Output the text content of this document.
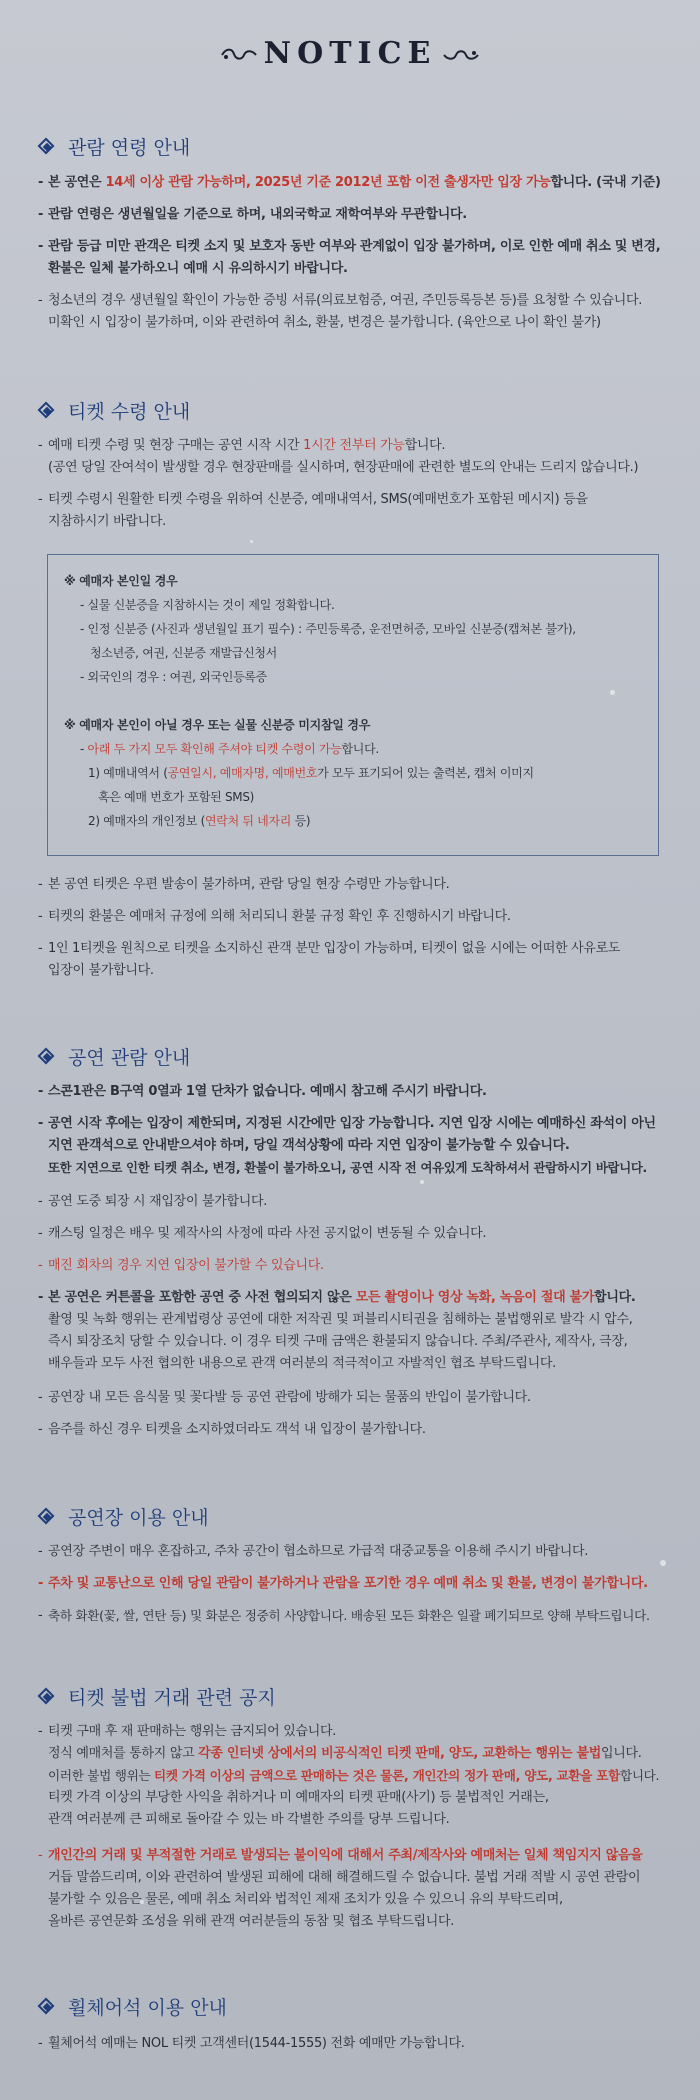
NOTICE
관람 연령 안내
- 본 공연은 14세 이상 관람 가능하며, 2025년 기준 2012년 포함 이전 출생자만 입장 가능합니다. (국내 기준)
- 관람 연령은 생년월일을 기준으로 하며, 내외국학교 재학여부와 무관합니다.
- 관람 등급 미만 관객은 티켓 소지 및 보호자 동반 여부와 관계없이 입장 불가하며, 이로 인한 예매 취소 및 변경,
환불은 일체 불가하오니 예매 시 유의하시기 바랍니다.
- 청소년의 경우 생년월일 확인이 가능한 증빙 서류(의료보험증, 여권, 주민등록등본 등)를 요청할 수 있습니다.
미확인 시 입장이 불가하며, 이와 관련하여 취소, 환불, 변경은 불가합니다. (육안으로 나이 확인 불가)
티켓 수령 안내
- 예매 티켓 수령 및 현장 구매는 공연 시작 시간 1시간 전부터 가능합니다.
(공연 당일 잔여석이 발생할 경우 현장판매를 실시하며, 현장판매에 관련한 별도의 안내는 드리지 않습니다.)
- 티켓 수령시 원활한 티켓 수령을 위하여 신분증, 예매내역서, SMS(예매번호가 포함된 메시지) 등을
지참하시기 바랍니다.
※ 예매자 본인일 경우
- 실물 신분증을 지참하시는 것이 제일 정확합니다.
- 인정 신분증 (사진과 생년월일 표기 필수) : 주민등록증, 운전면허증, 모바일 신분증(캡쳐본 불가),
청소년증, 여권, 신분증 재발급신청서
- 외국인의 경우 : 여권, 외국인등록증
※ 예매자 본인이 아닐 경우 또는 실물 신분증 미지참일 경우
- 아래 두 가지 모두 확인해 주셔야 티켓 수령이 가능합니다.
1) 예매내역서 (공연일시, 예매자명, 예매번호가 모두 표기되어 있는 출력본, 캡처 이미지
혹은 예매 번호가 포함된 SMS)
2) 예매자의 개인정보 (연락처 뒤 네자리 등)
- 본 공연 티켓은 우편 발송이 불가하며, 관람 당일 현장 수령만 가능합니다.
- 티켓의 환불은 예매처 규정에 의해 처리되니 환불 규정 확인 후 진행하시기 바랍니다.
- 1인 1티켓을 원칙으로 티켓을 소지하신 관객 분만 입장이 가능하며, 티켓이 없을 시에는 어떠한 사유로도
입장이 불가합니다.
공연 관람 안내
- 스콘1관은 B구역 0열과 1열 단차가 없습니다. 예매시 참고해 주시기 바랍니다.
- 공연 시작 후에는 입장이 제한되며, 지정된 시간에만 입장 가능합니다. 지연 입장 시에는 예매하신 좌석이 아닌
지연 관객석으로 안내받으셔야 하며, 당일 객석상황에 따라 지연 입장이 불가능할 수 있습니다.
또한 지연으로 인한 티켓 취소, 변경, 환불이 불가하오니, 공연 시작 전 여유있게 도착하셔서 관람하시기 바랍니다.
- 공연 도중 퇴장 시 재입장이 불가합니다.
- 캐스팅 일정은 배우 및 제작사의 사정에 따라 사전 공지없이 변동될 수 있습니다.
- 매진 회차의 경우 지연 입장이 불가할 수 있습니다.
- 본 공연은 커튼콜을 포함한 공연 중 사전 협의되지 않은 모든 촬영이나 영상 녹화, 녹음이 절대 불가합니다.
촬영 및 녹화 행위는 관계법령상 공연에 대한 저작권 및 퍼블리시티권을 침해하는 불법행위로 발각 시 압수,
즉시 퇴장조치 당할 수 있습니다. 이 경우 티켓 구매 금액은 환불되지 않습니다. 주최/주관사, 제작사, 극장,
배우들과 모두 사전 협의한 내용으로 관객 여러분의 적극적이고 자발적인 협조 부탁드립니다.
- 공연장 내 모든 음식물 및 꽃다발 등 공연 관람에 방해가 되는 물품의 반입이 불가합니다.
- 음주를 하신 경우 티켓을 소지하였더라도 객석 내 입장이 불가합니다.
공연장 이용 안내
- 공연장 주변이 매우 혼잡하고, 주차 공간이 협소하므로 가급적 대중교통을 이용해 주시기 바랍니다.
- 주차 및 교통난으로 인해 당일 관람이 불가하거나 관람을 포기한 경우 예매 취소 및 환불, 변경이 불가합니다.
- 축하 화환(꽃, 쌀, 연탄 등) 및 화분은 정중히 사양합니다. 배송된 모든 화환은 일괄 폐기되므로 양해 부탁드립니다.
티켓 불법 거래 관련 공지
- 티켓 구매 후 재 판매하는 행위는 금지되어 있습니다.
정식 예매처를 통하지 않고 각종 인터넷 상에서의 비공식적인 티켓 판매, 양도, 교환하는 행위는 불법입니다.
이러한 불법 행위는 티켓 가격 이상의 금액으로 판매하는 것은 물론, 개인간의 정가 판매, 양도, 교환을 포함합니다.
티켓 가격 이상의 부당한 사익을 취하거나 미 예매자의 티켓 판매(사기) 등 불법적인 거래는,
관객 여러분께 큰 피해로 돌아갈 수 있는 바 각별한 주의를 당부 드립니다.
- 개인간의 거래 및 부적절한 거래로 발생되는 불이익에 대해서 주최/제작사와 예매처는 일체 책임지지 않음을
거듭 말씀드리며, 이와 관련하여 발생된 피해에 대해 해결해드릴 수 없습니다. 불법 거래 적발 시 공연 관람이
불가할 수 있음은 물론, 예매 취소 처리와 법적인 제재 조치가 있을 수 있으니 유의 부탁드리며,
올바른 공연문화 조성을 위해 관객 여러분들의 동참 및 협조 부탁드립니다.
휠체어석 이용 안내
- 휠체어석 예매는 NOL 티켓 고객센터(1544-1555) 전화 예매만 가능합니다.
